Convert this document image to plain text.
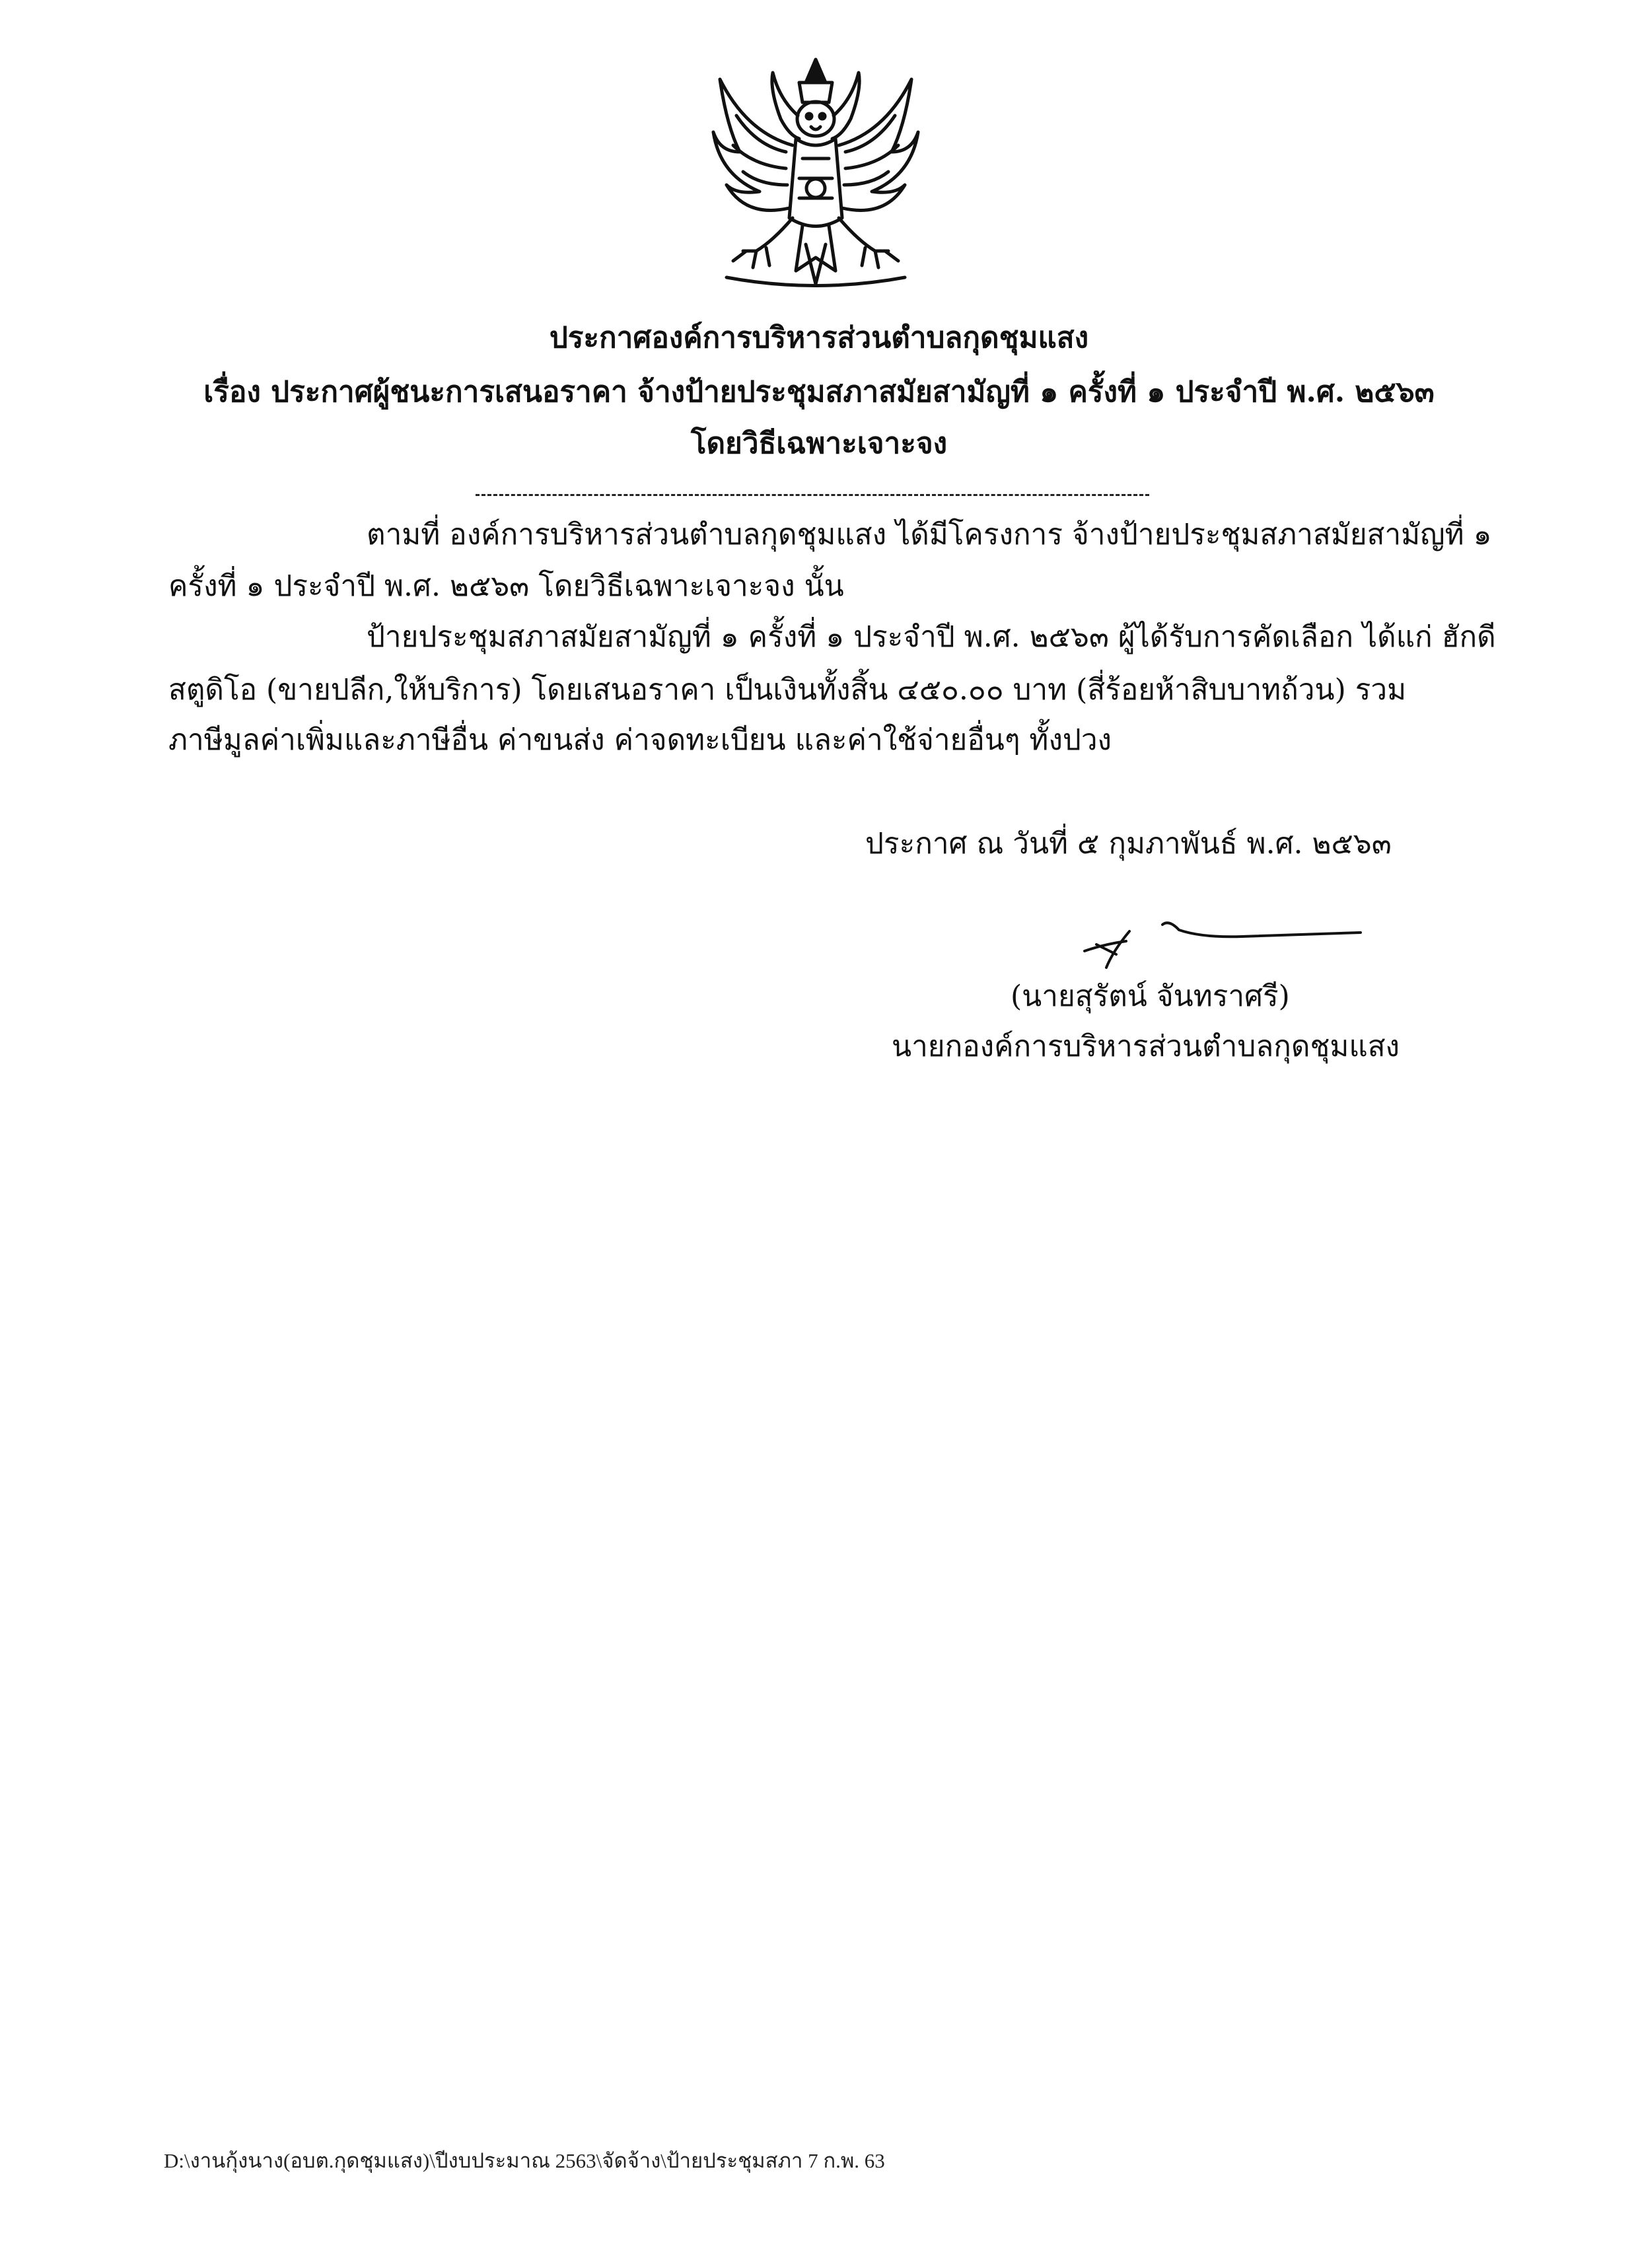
ประกาศองค์การบริหารส่วนตำบลกุดชุมแสง
เรื่อง ประกาศผู้ชนะการเสนอราคา จ้างป้ายประชุมสภาสมัยสามัญที่ ๑ ครั้งที่ ๑ ประจำปี พ.ศ. ๒๕๖๓
โดยวิธีเฉพาะเจาะจง
ตามที่ องค์การบริหารส่วนตำบลกุดชุมแสง ได้มีโครงการ จ้างป้ายประชุมสภาสมัยสามัญที่ ๑
ครั้งที่ ๑ ประจำปี พ.ศ. ๒๕๖๓ โดยวิธีเฉพาะเจาะจง นั้น
ป้ายประชุมสภาสมัยสามัญที่ ๑ ครั้งที่ ๑ ประจำปี พ.ศ. ๒๕๖๓ ผู้ได้รับการคัดเลือก ได้แก่ ฮักดี
สตูดิโอ (ขายปลีก,ให้บริการ) โดยเสนอราคา เป็นเงินทั้งสิ้น ๔๕๐.๐๐ บาท (สี่ร้อยห้าสิบบาทถ้วน) รวม
ภาษีมูลค่าเพิ่มและภาษีอื่น ค่าขนส่ง ค่าจดทะเบียน และค่าใช้จ่ายอื่นๆ ทั้งปวง
ประกาศ ณ วันที่ ๕ กุมภาพันธ์ พ.ศ. ๒๕๖๓
(นายสุรัตน์ จันทราศรี)
นายกองค์การบริหารส่วนตำบลกุดชุมแสง
D:\งานกุ้งนาง(อบต.กุดชุมแสง)\ปีงบประมาณ 2563\จัดจ้าง\ป้ายประชุมสภา 7 ก.พ. 63
